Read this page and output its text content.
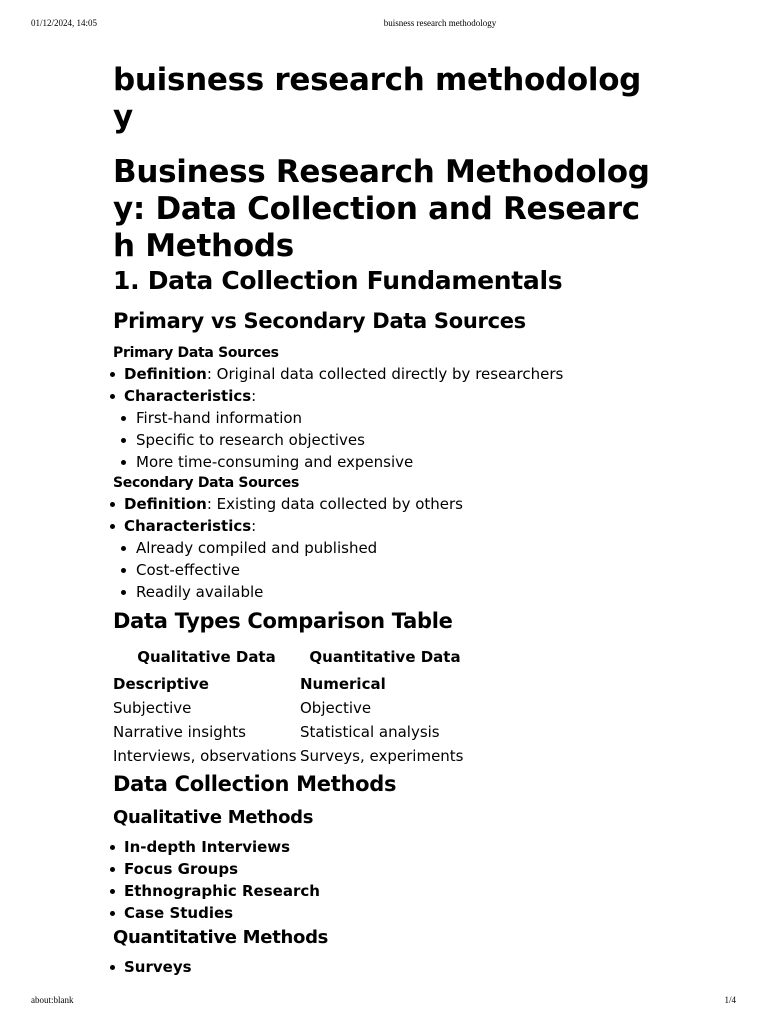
01/12/2024, 14:05	buisness research methodology
buisness research methodology
Business Research Methodology: Data Collection and Research Methods
1. Data Collection Fundamentals
Primary vs Secondary Data Sources
Primary Data Sources
Definition: Original data collected directly by researchers
Characteristics:
First-hand information
Specific to research objectives
More time-consuming and expensive
Secondary Data Sources
Definition: Existing data collected by others
Characteristics:
Already compiled and published
Cost-effective
Readily available
Data Types Comparison Table
Qualitative Data	Quantitative Data
Descriptive	Numerical
Subjective	Objective
Narrative insights	Statistical analysis
Interviews, observations	Surveys, experiments
Data Collection Methods
Qualitative Methods
In-depth Interviews
Focus Groups
Ethnographic Research
Case Studies
Quantitative Methods
Surveys
about:blank	1/4
